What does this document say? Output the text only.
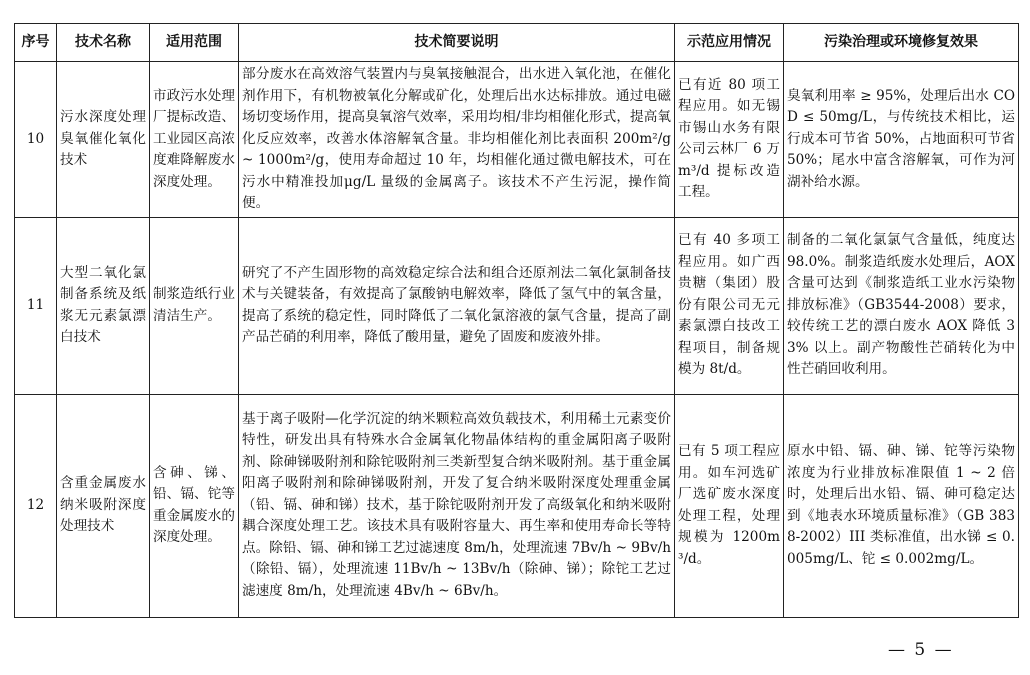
序号	技术名称	适用范围	技术简要说明	示范应用情况	污染治理或环境修复效果
10	污水深度处理臭氧催化氧化技术	市政污水处理厂提标改造、工业园区高浓度难降解废水深度处理。	部分废水在高效溶气装置内与臭氧接触混合，出水进入氧化池，在催化剂作用下，有机物被氧化分解或矿化，处理后出水达标排放。通过电磁场切变场作用，提高臭氧溶气效率，采用均相/非均相催化形式，提高氧化反应效率，改善水体溶解氧含量。非均相催化剂比表面积 200m²/g ~ 1000m²/g，使用寿命超过 10 年，均相催化通过微电解技术，可在污水中精准投加μg/L 量级的金属离子。该技术不产生污泥，操作简便。	已有近 80 项工程应用。如无锡市锡山水务有限公司云林厂 6 万 m³/d 提标改造工程。	臭氧利用率 ≥ 95%，处理后出水 COD ≤ 50mg/L，与传统技术相比，运行成本可节省 50%，占地面积可节省 50%；尾水中富含溶解氧，可作为河湖补给水源。
11	大型二氧化氯制备系统及纸浆无元素氯漂白技术	制浆造纸行业清洁生产。	研究了不产生固形物的高效稳定综合法和组合还原剂法二氧化氯制备技术与关键装备，有效提高了氯酸钠电解效率，降低了氢气中的氧含量，提高了系统的稳定性，同时降低了二氧化氯溶液的氯气含量，提高了副产品芒硝的利用率，降低了酸用量，避免了固废和废液外排。	已有 40 多项工程应用。如广西贵糖（集团）股份有限公司无元素氯漂白技改工程项目，制备规模为 8t/d。	制备的二氧化氯氯气含量低，纯度达 98.0%。制浆造纸废水处理后，AOX 含量可达到《制浆造纸工业水污染物排放标准》（GB3544-2008）要求，较传统工艺的漂白废水 AOX 降低 33% 以上。副产物酸性芒硝转化为中性芒硝回收利用。
12	含重金属废水纳米吸附深度处理技术	含砷、锑、铅、镉、铊等重金属废水的深度处理。	基于离子吸附—化学沉淀的纳米颗粒高效负载技术，利用稀土元素变价特性，研发出具有特殊水合金属氧化物晶体结构的重金属阳离子吸附剂、除砷锑吸附剂和除铊吸附剂三类新型复合纳米吸附剂。基于重金属阳离子吸附剂和除砷锑吸附剂，开发了复合纳米吸附深度处理重金属（铅、镉、砷和锑）技术，基于除铊吸附剂开发了高级氧化和纳米吸附耦合深度处理工艺。该技术具有吸附容量大、再生率和使用寿命长等特点。除铅、镉、砷和锑工艺过滤速度 8m/h，处理流速 7Bv/h ~ 9Bv/h（除铅、镉），处理流速 11Bv/h ~ 13Bv/h（除砷、锑）；除铊工艺过滤速度 8m/h，处理流速 4Bv/h ~ 6Bv/h。	已有 5 项工程应用。如车河选矿厂选矿废水深度处理工程，处理规模为 1200m³/d。	原水中铅、镉、砷、锑、铊等污染物浓度为行业排放标准限值 1 ~ 2 倍时，处理后出水铅、镉、砷可稳定达到《地表水环境质量标准》（GB 3838-2002）III 类标准值，出水锑 ≤ 0.005mg/L、铊 ≤ 0.002mg/L。
— 5 —
